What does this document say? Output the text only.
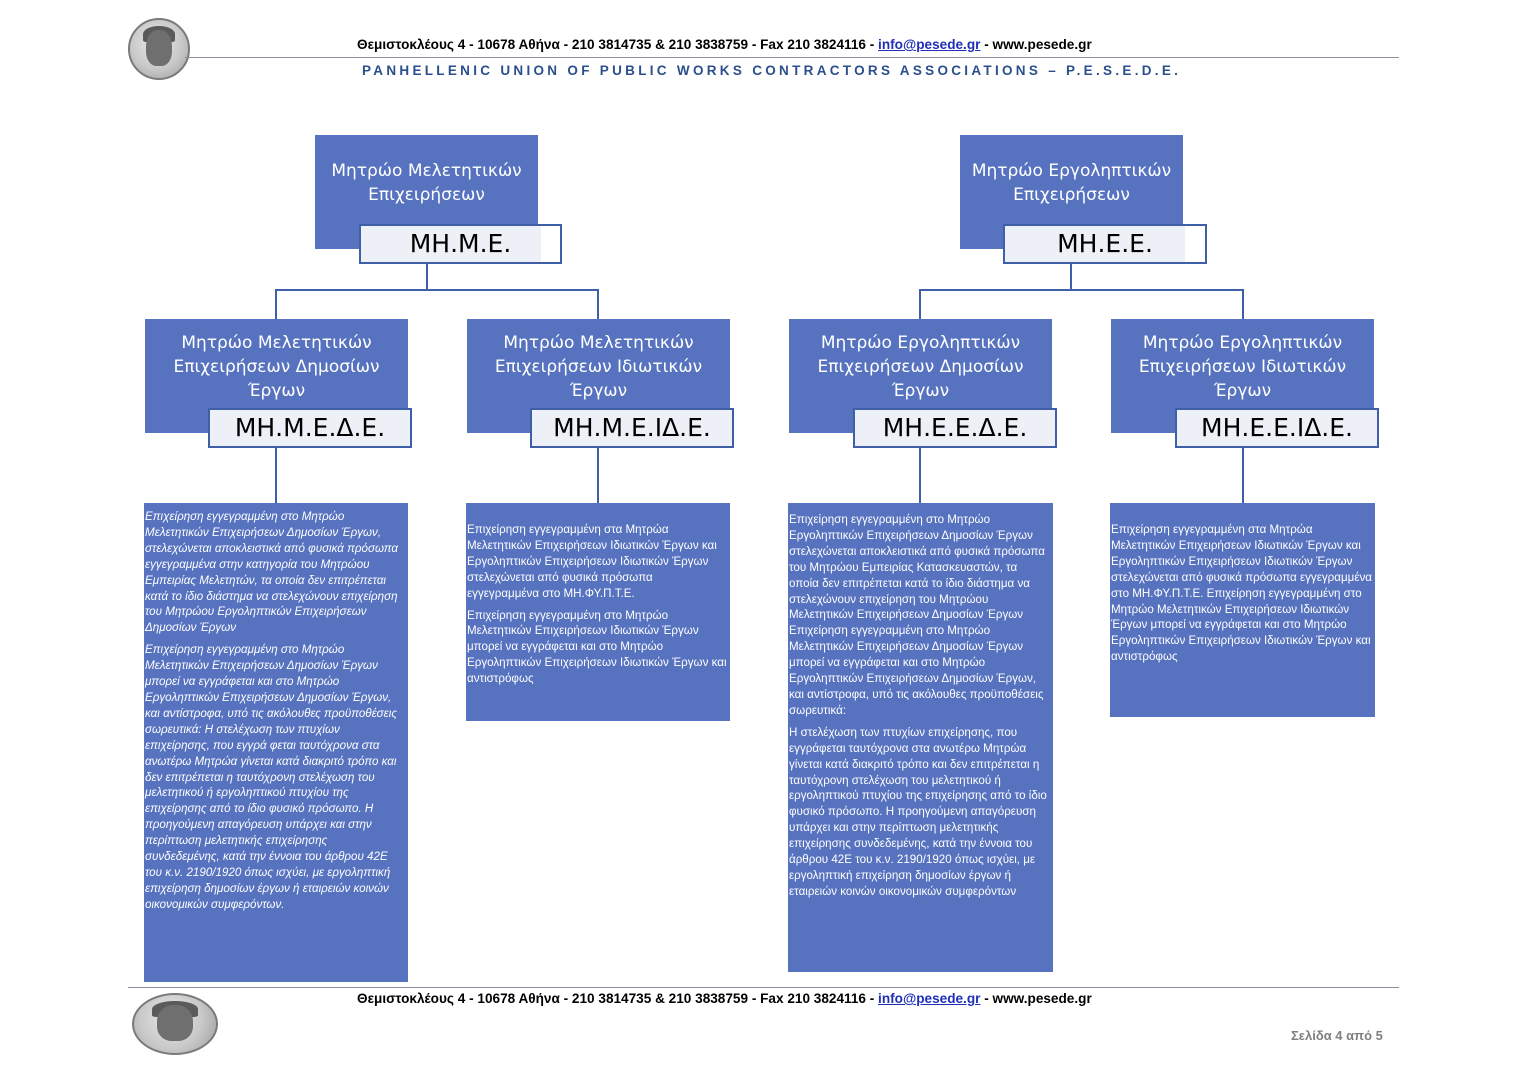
Θεμιστοκλέους 4 - 10678 Αθήνα - 210 3814735 & 210 3838759 - Fax 210 3824116 - info@pesede.gr - www.pesede.gr
PANHELLENIC UNION OF PUBLIC WORKS CONTRACTORS ASSOCIATIONS – P.E.S.E.D.E.
Μητρώο Μελετητικών
Επιχειρήσεων
ΜΗ.Μ.Ε.
Μητρώο Εργοληπτικών
Επιχειρήσεων
ΜΗ.Ε.Ε.
Μητρώο Μελετητικών
Επιχειρήσεων Δημοσίων
Έργων
ΜΗ.Μ.Ε.Δ.Ε.
Μητρώο Μελετητικών
Επιχειρήσεων Ιδιωτικών
Έργων
ΜΗ.Μ.Ε.ΙΔ.Ε.
Μητρώο Εργοληπτικών
Επιχειρήσεων Δημοσίων
Έργων
ΜΗ.Ε.Ε.Δ.Ε.
Μητρώο Εργοληπτικών
Επιχειρήσεων Ιδιωτικών
Έργων
ΜΗ.Ε.Ε.ΙΔ.Ε.

Επιχείρηση εγγεγραμμένη στο Μητρώο Μελετητικών Επιχειρήσεων Δημοσίων Έργων, στελεχώνεται αποκλειστικά από φυσικά πρόσωπα εγγεγραμμένα στην κατηγορία του Μητρώου Εμπειρίας Μελετητών, τα οποία δεν επιτρέπεται κατά το ίδιο διάστημα να στελεχώνουν επιχείρηση του Μητρώου Εργοληπτικών Επιχειρήσεων Δημοσίων Έργων

Επιχείρηση εγγεγραμμένη στο Μητρώο Μελετητικών Επιχειρήσεων Δημοσίων Έργων μπορεί να εγγράφεται και στο Μητρώο Εργοληπτικών Επιχειρήσεων Δημοσίων Έργων, και αντίστροφα, υπό τις ακόλουθες προϋποθέσεις σωρευτικά: Η στελέχωση των πτυχίων επιχείρησης, που εγγρά φεται ταυτόχρονα στα ανωτέρω Μητρώα γίνεται κατά διακριτό τρόπο και δεν επιτρέπεται η ταυτόχρονη στελέχωση του μελετητικού ή εργοληπτικού πτυχίου της επιχείρησης από το ίδιο φυσικό πρόσωπο. Η προηγούμενη απαγόρευση υπάρχει και στην περίπτωση μελετητικής επιχείρησης συνδεδεμένης, κατά την έννοια του άρθρου 42Ε του κ.ν. 2190/1920 όπως ισχύει, με εργοληπτική επιχείρηση δημοσίων έργων ή εταιρειών κοινών οικονομικών συμφερόντων.

Επιχείρηση εγγεγραμμένη στα Μητρώα Μελετητικών Επιχειρήσεων Ιδιωτικών Έργων και Εργοληπτικών Επιχειρήσεων Ιδιωτικών Έργων στελεχώνεται από φυσικά πρόσωπα εγγεγραμμένα στο ΜΗ.ΦΥ.Π.Τ.Ε.

Επιχείρηση εγγεγραμμένη στο Μητρώο Μελετητικών Επιχειρήσεων Ιδιωτικών Έργων μπορεί να εγγράφεται και στο Μητρώο Εργοληπτικών Επιχειρήσεων Ιδιωτικών Έργων και αντιστρόφως

Επιχείρηση εγγεγραμμένη στο Μητρώο Εργοληπτικών Επιχειρήσεων Δημοσίων Έργων στελεχώνεται αποκλειστικά από φυσικά πρόσωπα του Μητρώου Εμπειρίας Κατασκευαστών, τα οποία δεν επιτρέπεται κατά το ίδιο διάστημα να στελεχώνουν επιχείρηση του Μητρώου Μελετητικών Επιχειρήσεων Δημοσίων Έργων Επιχείρηση εγγεγραμμένη στο Μητρώο Μελετητικών Επιχειρήσεων Δημοσίων Έργων μπορεί να εγγράφεται και στο Μητρώο Εργοληπτικών Επιχειρήσεων Δημοσίων Έργων, και αντίστροφα, υπό τις ακόλουθες προϋποθέσεις σωρευτικά:

Η στελέχωση των πτυχίων επιχείρησης, που εγγράφεται ταυτόχρονα στα ανωτέρω Μητρώα γίνεται κατά διακριτό τρόπο και δεν επιτρέπεται η ταυτόχρονη στελέχωση του μελετητικού ή εργοληπτικού πτυχίου της επιχείρησης από το ίδιο φυσικό πρόσωπο. Η προηγούμενη απαγόρευση υπάρχει και στην περίπτωση μελετητικής επιχείρησης συνδεδεμένης, κατά την έννοια του άρθρου 42Ε του κ.ν. 2190/1920 όπως ισχύει, με εργοληπτική επιχείρηση δημοσίων έργων ή εταιρειών κοινών οικονομικών συμφερόντων

Επιχείρηση εγγεγραμμένη στα Μητρώα Μελετητικών Επιχειρήσεων Ιδιωτικών Έργων και Εργοληπτικών Επιχειρήσεων Ιδιωτικών Έργων στελεχώνεται από φυσικά πρόσωπα εγγεγραμμένα στο ΜΗ.ΦΥ.Π.Τ.Ε. Επιχείρηση εγγεγραμμένη στο Μητρώο Μελετητικών Επιχειρήσεων Ιδιωτικών Έργων μπορεί να εγγράφεται και στο Μητρώο Εργοληπτικών Επιχειρήσεων Ιδιωτικών Έργων και αντιστρόφως

Θεμιστοκλέους 4 - 10678 Αθήνα - 210 3814735 & 210 3838759 - Fax 210 3824116 - info@pesede.gr - www.pesede.gr
Σελίδα 4 από 5
